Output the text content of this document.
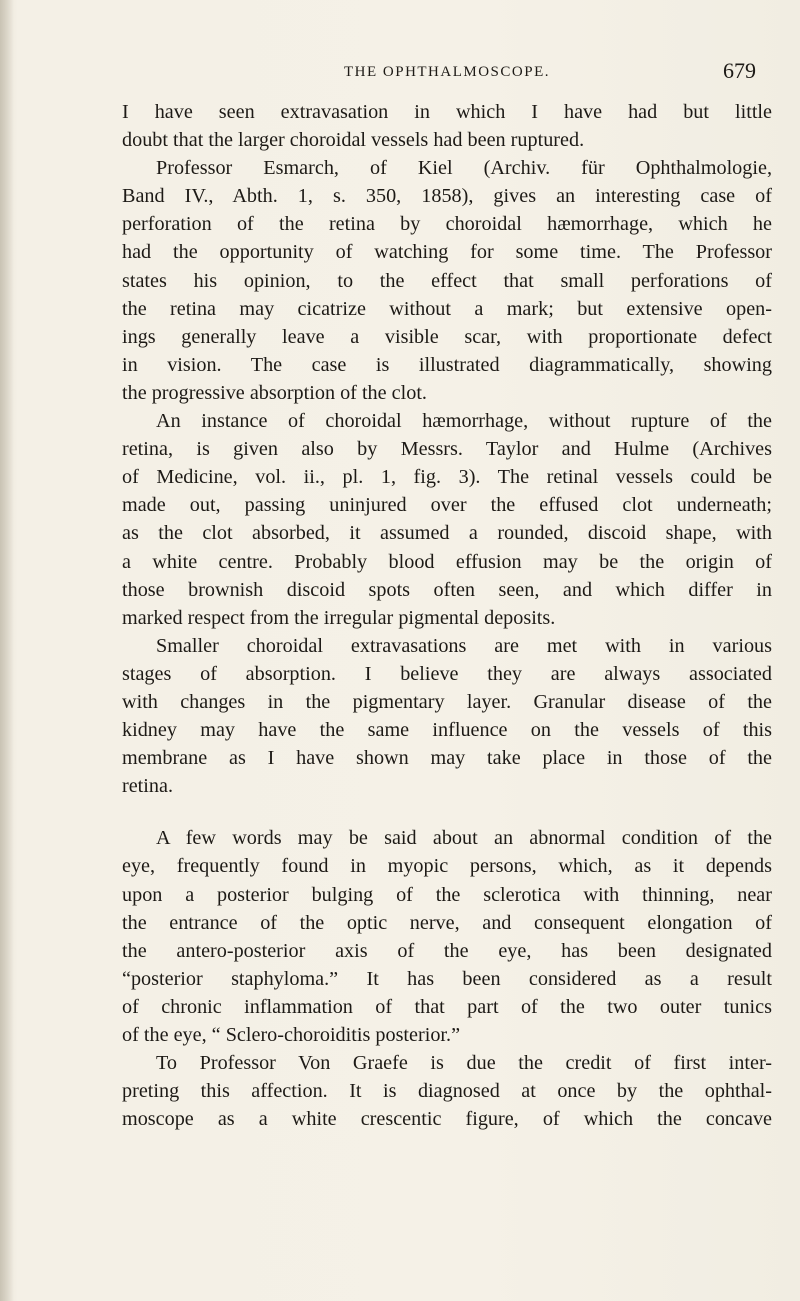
THE OPHTHALMOSCOPE.	679
I have seen extravasation in which I have had but little
doubt that the larger choroidal vessels had been ruptured.
Professor Esmarch, of Kiel (Archiv. für Ophthalmologie,
Band IV., Abth. 1, s. 350, 1858), gives an interesting case of
perforation of the retina by choroidal hæmorrhage, which he
had the opportunity of watching for some time. The Professor
states his opinion, to the effect that small perforations of
the retina may cicatrize without a mark; but extensive open-
ings generally leave a visible scar, with proportionate defect
in vision. The case is illustrated diagrammatically, showing
the progressive absorption of the clot.
An instance of choroidal hæmorrhage, without rupture of the
retina, is given also by Messrs. Taylor and Hulme (Archives
of Medicine, vol. ii., pl. 1, fig. 3). The retinal vessels could be
made out, passing uninjured over the effused clot underneath;
as the clot absorbed, it assumed a rounded, discoid shape, with
a white centre. Probably blood effusion may be the origin of
those brownish discoid spots often seen, and which differ in
marked respect from the irregular pigmental deposits.
Smaller choroidal extravasations are met with in various
stages of absorption. I believe they are always associated
with changes in the pigmentary layer. Granular disease of the
kidney may have the same influence on the vessels of this
membrane as I have shown may take place in those of the
retina.
A few words may be said about an abnormal condition of the
eye, frequently found in myopic persons, which, as it depends
upon a posterior bulging of the sclerotica with thinning, near
the entrance of the optic nerve, and consequent elongation of
the antero-posterior axis of the eye, has been designated
“posterior staphyloma.” It has been considered as a result
of chronic inflammation of that part of the two outer tunics
of the eye, “ Sclero-choroiditis posterior.”
To Professor Von Graefe is due the credit of first inter-
preting this affection. It is diagnosed at once by the ophthal-
moscope as a white crescentic figure, of which the concave
